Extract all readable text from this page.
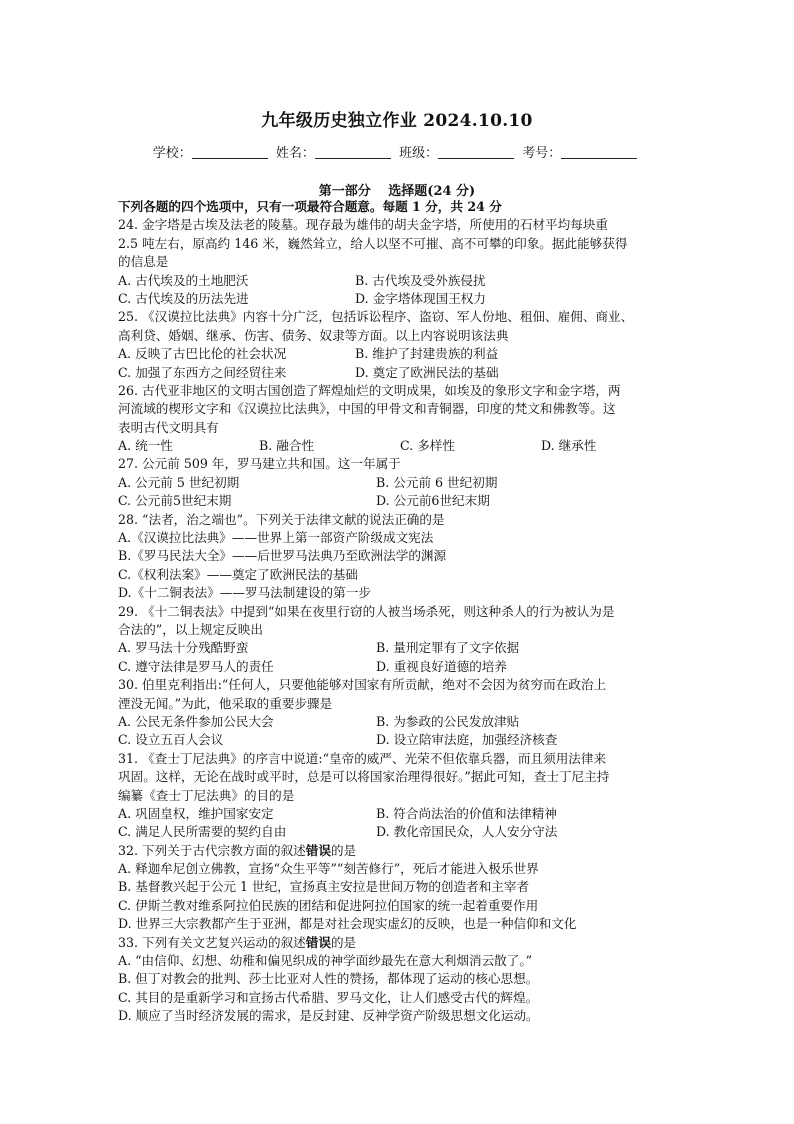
九年级历史独立作业 2024.10.10
学校：	姓名：	班级：	考号：
第一部分　 选择题(24 分)
下列各题的四个选项中，只有一项最符合题意。每题 1 分，共 24 分
24. 金字塔是古埃及法老的陵墓。现存最为雄伟的胡夫金字塔，所使用的石材平均每块重
2.5 吨左右，原高约 146 米，巍然耸立，给人以坚不可摧、高不可攀的印象。据此能够获得
的信息是
A. 古代埃及的土地肥沃	B. 古代埃及受外族侵扰
C. 古代埃及的历法先进	D. 金字塔体现国王权力
25. 《汉谟拉比法典》内容十分广泛，包括诉讼程序、盗窃、军人份地、租佃、雇佣、商业、
高利贷、婚姻、继承、伤害、债务、奴隶等方面。以上内容说明该法典
A. 反映了古巴比伦的社会状况	B. 维护了封建贵族的利益
C. 加强了东西方之间经贸往来	D. 奠定了欧洲民法的基础
26. 古代亚非地区的文明古国创造了辉煌灿烂的文明成果，如埃及的象形文字和金字塔，两
河流域的楔形文字和《汉谟拉比法典》，中国的甲骨文和青铜器，印度的梵文和佛教等。这
表明古代文明具有
A. 统一性	B. 融合性	C. 多样性	D. 继承性
27. 公元前 509 年，罗马建立共和国。这一年属于
A. 公元前 5 世纪初期	B. 公元前 6 世纪初期
C. 公元前5世纪末期	D. 公元前6世纪末期
28. “法者，治之端也”。下列关于法律文献的说法正确的是
A.《汉谟拉比法典》——世界上第一部资产阶级成文宪法
B.《罗马民法大全》——后世罗马法典乃至欧洲法学的渊源
C.《权利法案》——奠定了欧洲民法的基础
D.《十二铜表法》——罗马法制建设的第一步
29. 《十二铜表法》中提到“如果在夜里行窃的人被当场杀死，则这种杀人的行为被认为是
合法的”，以上规定反映出
A. 罗马法十分残酷野蛮	B. 量刑定罪有了文字依据
C. 遵守法律是罗马人的责任	D. 重视良好道德的培养
30. 伯里克利指出:“任何人，只要他能够对国家有所贡献，绝对不会因为贫穷而在政治上
湮没无闻。”为此，他采取的重要步骤是
A. 公民无条件参加公民大会	B. 为参政的公民发放津贴
C. 设立五百人会议	D. 设立陪审法庭，加强经济核查
31. 《查士丁尼法典》的序言中说道:“皇帝的威严、光荣不但依靠兵器，而且须用法律来
巩固。这样，无论在战时或平时，总是可以将国家治理得很好。”据此可知，查士丁尼主持
编纂《查士丁尼法典》的目的是
A. 巩固皇权，维护国家安定	B. 符合尚法治的价值和法律精神
C. 满足人民所需要的契约自由	D. 教化帝国民众，人人安分守法
32. 下列关于古代宗教方面的叙述错误的是
A. 释迦牟尼创立佛教，宣扬“众生平等”“刻苦修行”，死后才能进入极乐世界
B. 基督教兴起于公元 1 世纪，宣扬真主安拉是世间万物的创造者和主宰者
C. 伊斯兰教对维系阿拉伯民族的团结和促进阿拉伯国家的统一起着重要作用
D. 世界三大宗教都产生于亚洲，都是对社会现实虚幻的反映，也是一种信仰和文化
33. 下列有关文艺复兴运动的叙述错误的是
A. “由信仰、幻想、幼稚和偏见织成的神学面纱最先在意大利烟消云散了。”
B. 但丁对教会的批判、莎士比亚对人性的赞扬，都体现了运动的核心思想。
C. 其目的是重新学习和宣扬古代希腊、罗马文化，让人们感受古代的辉煌。
D. 顺应了当时经济发展的需求，是反封建、反神学资产阶级思想文化运动。
